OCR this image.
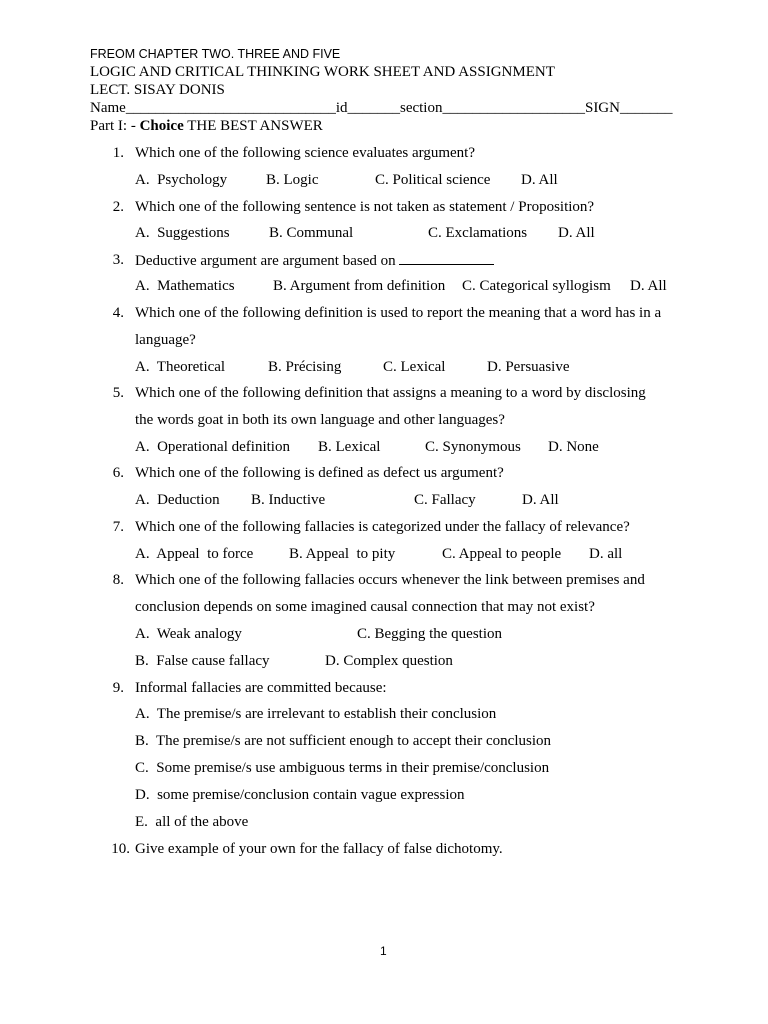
FREOM CHAPTER TWO. THREE AND FIVE
LOGIC AND CRITICAL THINKING WORK SHEET AND ASSIGNMENT
LECT. SISAY DONIS
Name____________________________id_______section___________________SIGN_______
Part I: - Choice THE BEST ANSWER
1. Which one of the following science evaluates argument?
A.  Psychology	B. Logic	C. Political science D. All
2. Which one of the following sentence is not taken as statement / Proposition?
A.  Suggestions	B. Communal	C. Exclamations D. All
3. Deductive argument are argument based on
A.  Mathematics	B. Argument from definition C. Categorical syllogism D. All
4. Which one of the following definition is used to report the meaning that a word has in a
language?
A.  Theoretical	B. Précising	C. Lexical	D. Persuasive
5. Which one of the following definition that assigns a meaning to a word by disclosing
the words goat in both its own language and other languages?
A.  Operational definition B. Lexical	C. Synonymous D. None
6. Which one of the following is defined as defect us argument?
A.  Deduction B. Inductive	C. Fallacy	D. All
7. Which one of the following fallacies is categorized under the fallacy of relevance?
A.  Appeal  to force B. Appeal  to pity	C. Appeal to people D. all
8. Which one of the following fallacies occurs whenever the link between premises and
conclusion depends on some imagined causal connection that may not exist?
A.  Weak analogy	C. Begging the question
B.  False cause fallacy	D. Complex question
9. Informal fallacies are committed because:
A.  The premise/s are irrelevant to establish their conclusion
B.  The premise/s are not sufficient enough to accept their conclusion
C.  Some premise/s use ambiguous terms in their premise/conclusion
D.  some premise/conclusion contain vague expression
E.  all of the above
10. Give example of your own for the fallacy of false dichotomy.
1
